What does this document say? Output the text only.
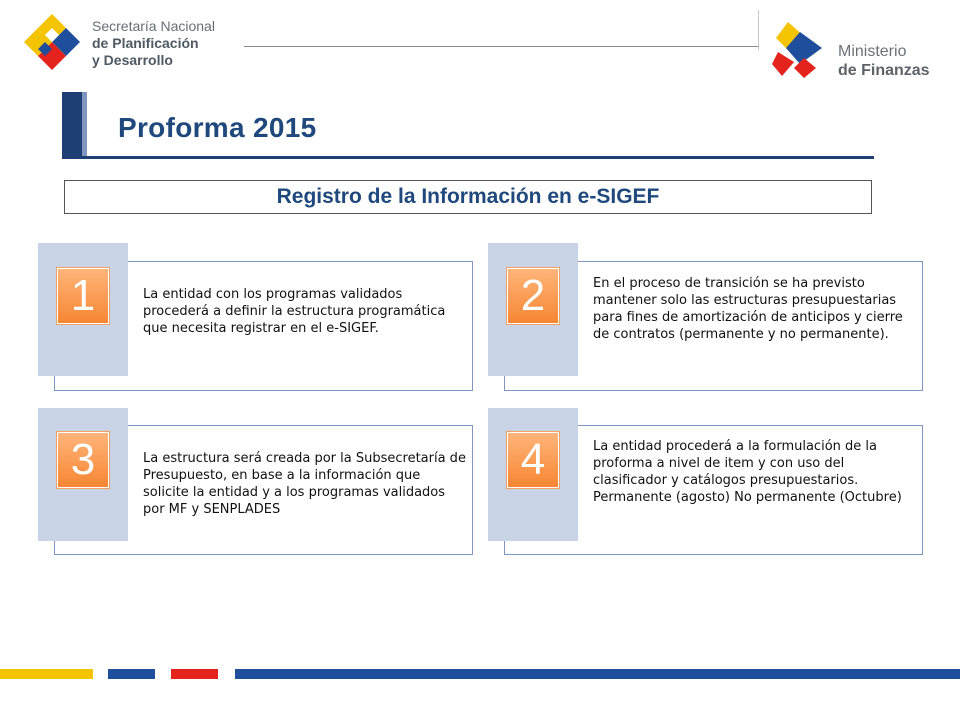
Secretaría Nacional
de Planificación
y Desarrollo	Ministerio
de Finanzas
Proforma 2015
Registro de la Información en e-SIGEF
1	La entidad con los programas validados procederá a definir la estructura programática que necesita registrar en el e-SIGEF.
2	En el proceso de transición se ha previsto mantener solo las estructuras presupuestarias para fines de amortización de anticipos y cierre de contratos (permanente y no permanente).
3	La estructura será creada por la Subsecretaría de Presupuesto, en base a la información que solicite la entidad y a los programas validados por MF y SENPLADES
4	La entidad procederá a la formulación de la proforma a nivel de item y con uso del clasificador y catálogos presupuestarios. Permanente (agosto) No permanente (Octubre)
